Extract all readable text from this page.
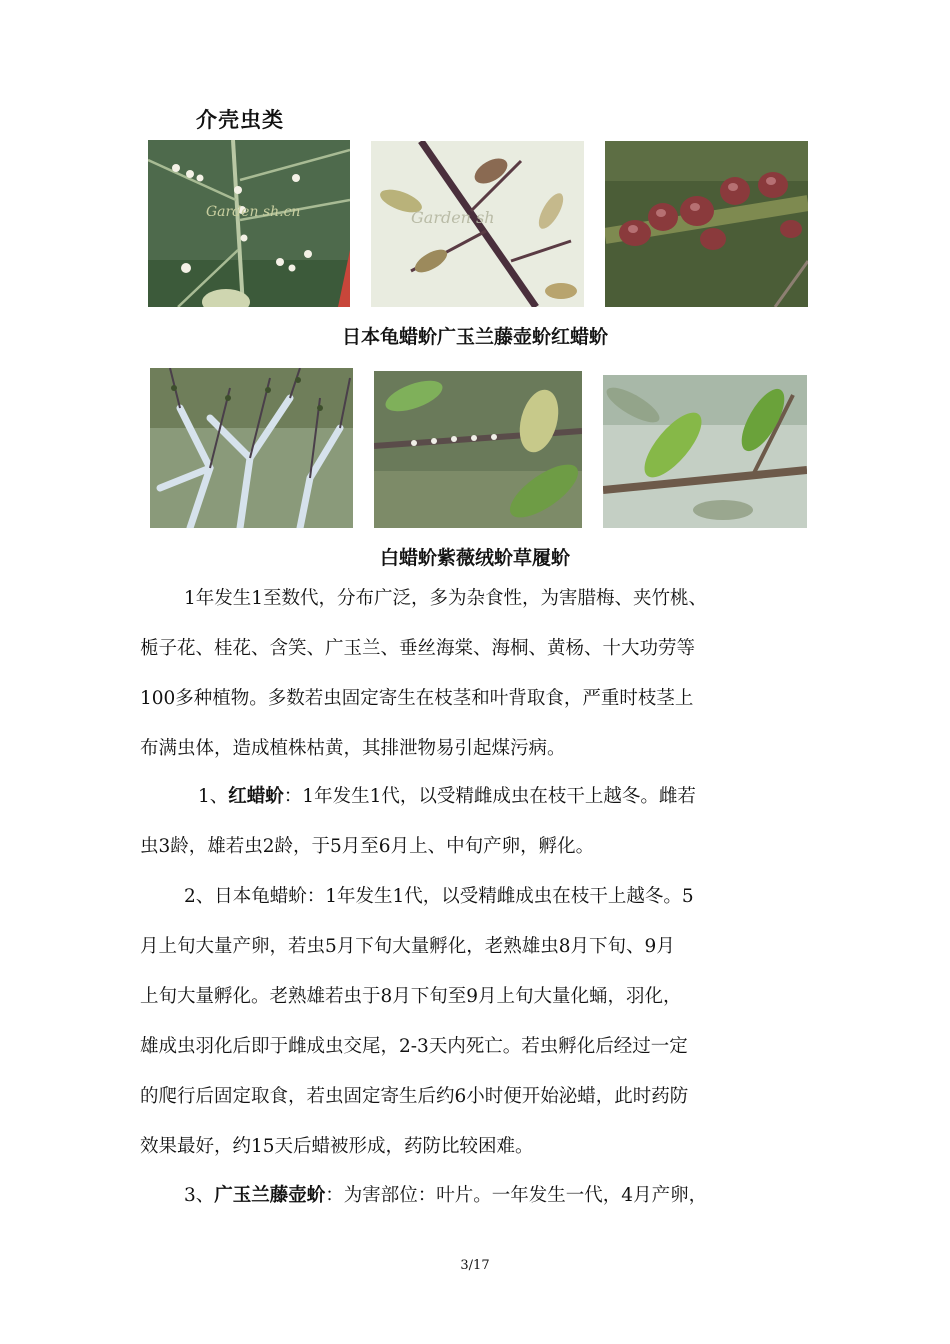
介壳虫类
Garden sh.cn	Garden sh
日本龟蜡蚧广玉兰藤壶蚧红蜡蚧
白蜡蚧紫薇绒蚧草履蚧
1年发生1至数代，分布广泛，多为杂食性，为害腊梅、夹竹桃、
栀子花、桂花、含笑、广玉兰、垂丝海棠、海桐、黄杨、十大功劳等
100多种植物。多数若虫固定寄生在枝茎和叶背取食，严重时枝茎上
布满虫体，造成植株枯黄，其排泄物易引起煤污病。
1、红蜡蚧：1年发生1代，以受精雌成虫在枝干上越冬。雌若
虫3龄，雄若虫2龄，于5月至6月上、中旬产卵，孵化。
2、日本龟蜡蚧：1年发生1代，以受精雌成虫在枝干上越冬。5
月上旬大量产卵，若虫5月下旬大量孵化，老熟雄虫8月下旬、9月
上旬大量孵化。老熟雄若虫于8月下旬至9月上旬大量化蛹，羽化，
雄成虫羽化后即于雌成虫交尾，2-3天内死亡。若虫孵化后经过一定
的爬行后固定取食，若虫固定寄生后约6小时便开始泌蜡，此时药防
效果最好，约15天后蜡被形成，药防比较困难。
3、广玉兰藤壶蚧：为害部位：叶片。一年发生一代，4月产卵，
3/17
